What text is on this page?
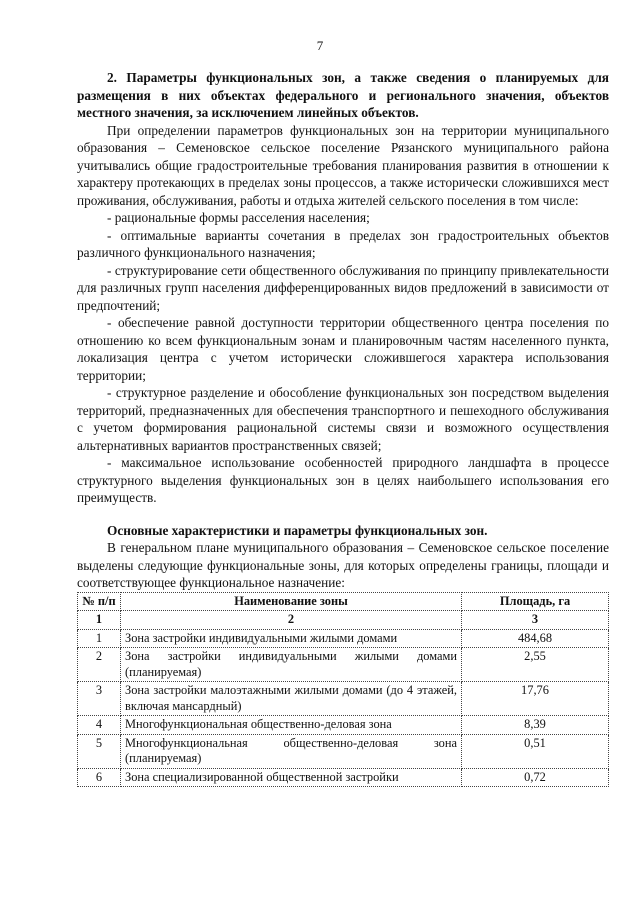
7

2. Параметры функциональных зон, а также сведения о планируемых для размещения в них объектах федерального и регионального значения, объектов местного значения, за исключением линейных объектов.

При определении параметров функциональных зон на территории муниципального образования – Семеновское сельское поселение Рязанского муниципального района учитывались общие градостроительные требования планирования развития в отношении к характеру протекающих в пределах зоны процессов, а также исторически сложившихся мест проживания, обслуживания, работы и отдыха жителей сельского поселения в том числе:

- рациональные формы расселения населения;

- оптимальные варианты сочетания в пределах зон градостроительных объектов различного функционального назначения;

- структурирование сети общественного обслуживания по принципу привлекательности для различных групп населения дифференцированных видов предложений в зависимости от предпочтений;

- обеспечение равной доступности территории общественного центра поселения по отношению ко всем функциональным зонам и планировочным частям населенного пункта, локализация центра с учетом исторически сложившегося характера использования территории;

- структурное разделение и обособление функциональных зон посредством выделения территорий, предназначенных для обеспечения транспортного и пешеходного обслуживания с учетом формирования рациональной системы связи и возможного осуществления альтернативных вариантов пространственных связей;

- максимальное использование особенностей природного ландшафта в процессе структурного выделения функциональных зон в целях наибольшего использования его преимуществ.

Основные характеристики и параметры функциональных зон.

В генеральном плане муниципального образования – Семеновское сельское поселение выделены следующие функциональные зоны, для которых определены границы, площади и соответствующее функциональное назначение:

№ п/п	Наименование зоны	Площадь, га
1	2	3
1	Зона застройки индивидуальными жилыми домами	484,68
2	Зона застройки индивидуальными жилыми домами (планируемая)	2,55
3	Зона застройки малоэтажными жилыми домами (до 4 этажей, включая мансардный)	17,76
4	Многофункциональная общественно-деловая зона	8,39
5	Многофункциональная общественно-деловая зона (планируемая)	0,51
6	Зона специализированной общественной застройки	0,72
